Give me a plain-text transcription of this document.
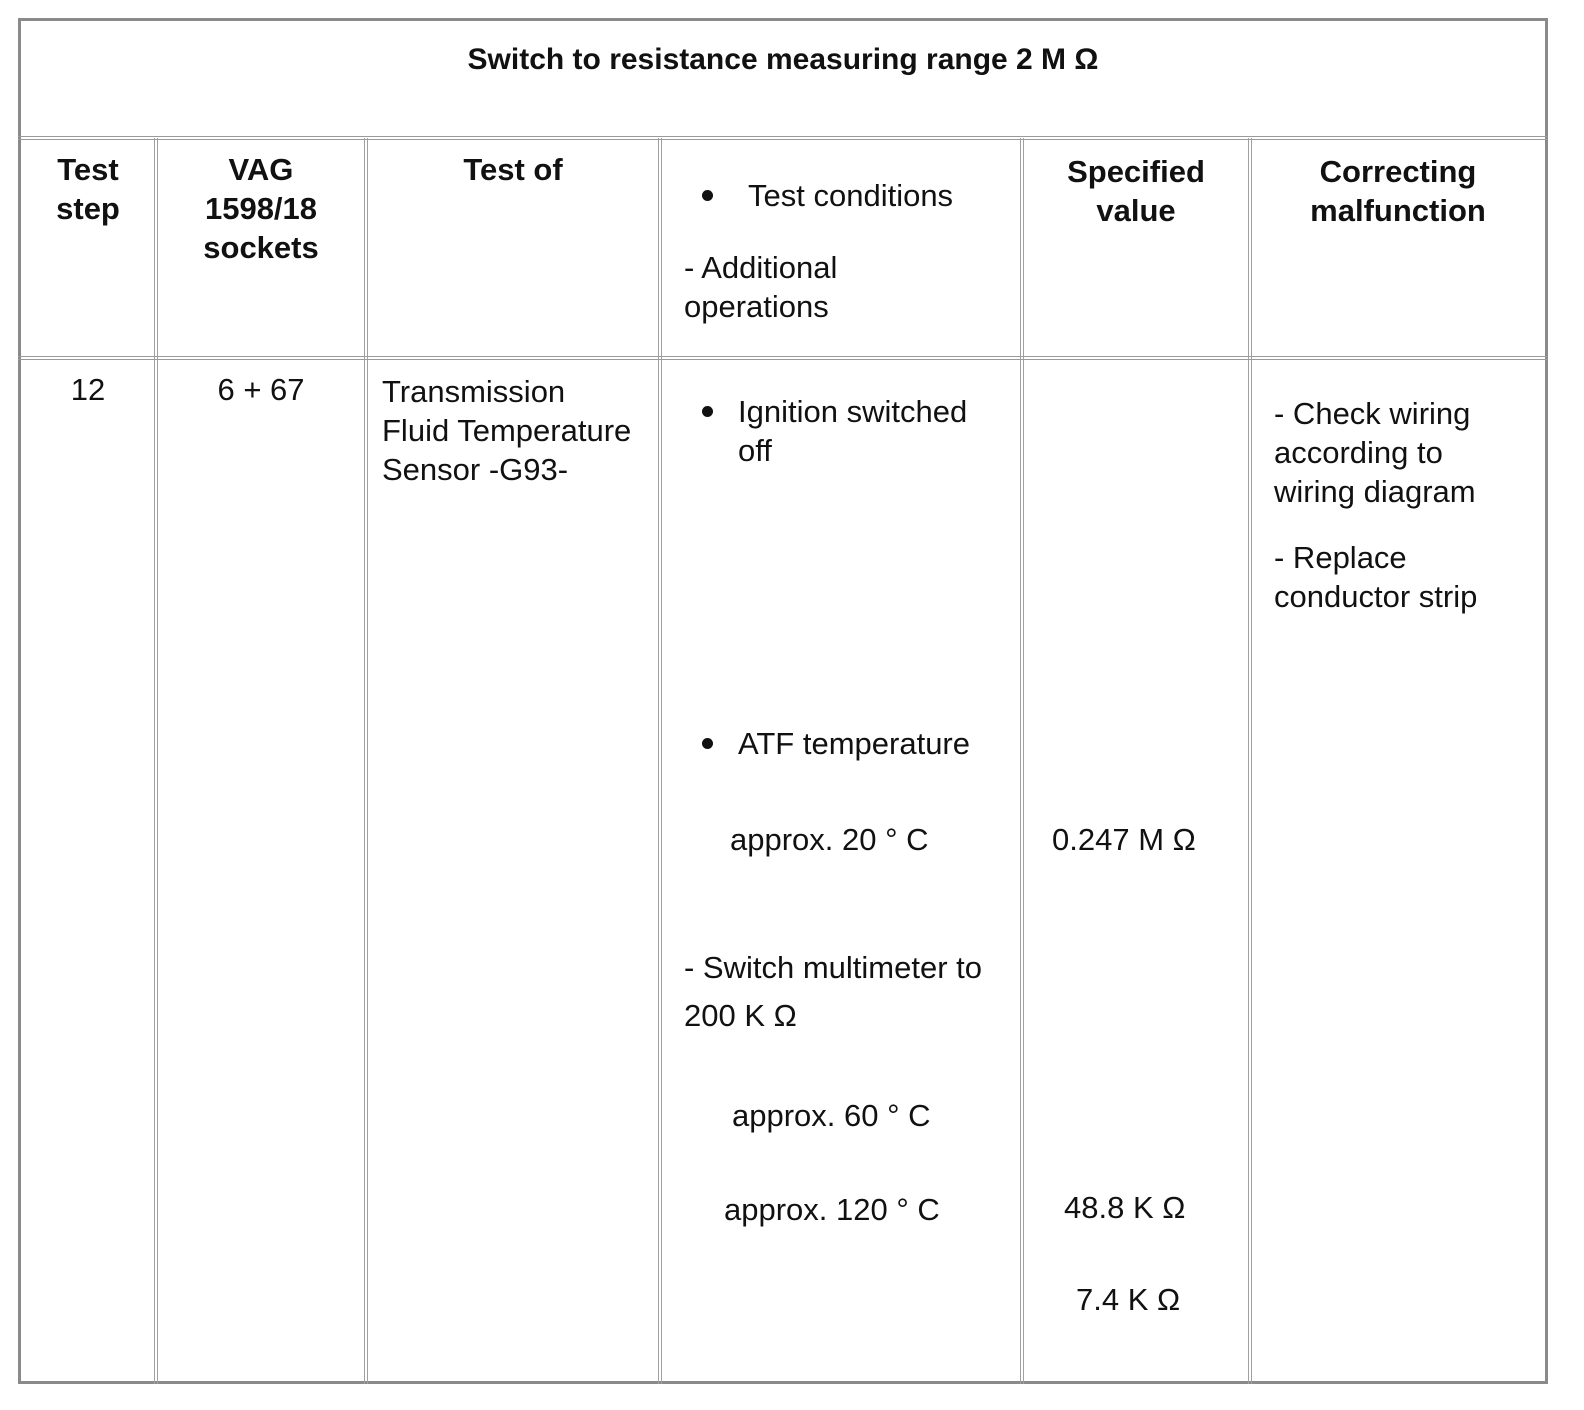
Switch to resistance measuring range 2 M Ω
Test
step
VAG
1598/18
sockets
Test of
Test conditions
- Additional
operations
Specified
value
Correcting
malfunction
12	6 + 67	Transmission
Fluid Temperature
Sensor -G93-
Ignition switched
off
ATF temperature
approx. 20 ° C
- Switch multimeter to
200 K Ω
approx. 60 ° C
approx. 120 ° C
0.247 M Ω
48.8 K Ω
7.4 K Ω
- Check wiring
according to
wiring diagram
- Replace
conductor strip
